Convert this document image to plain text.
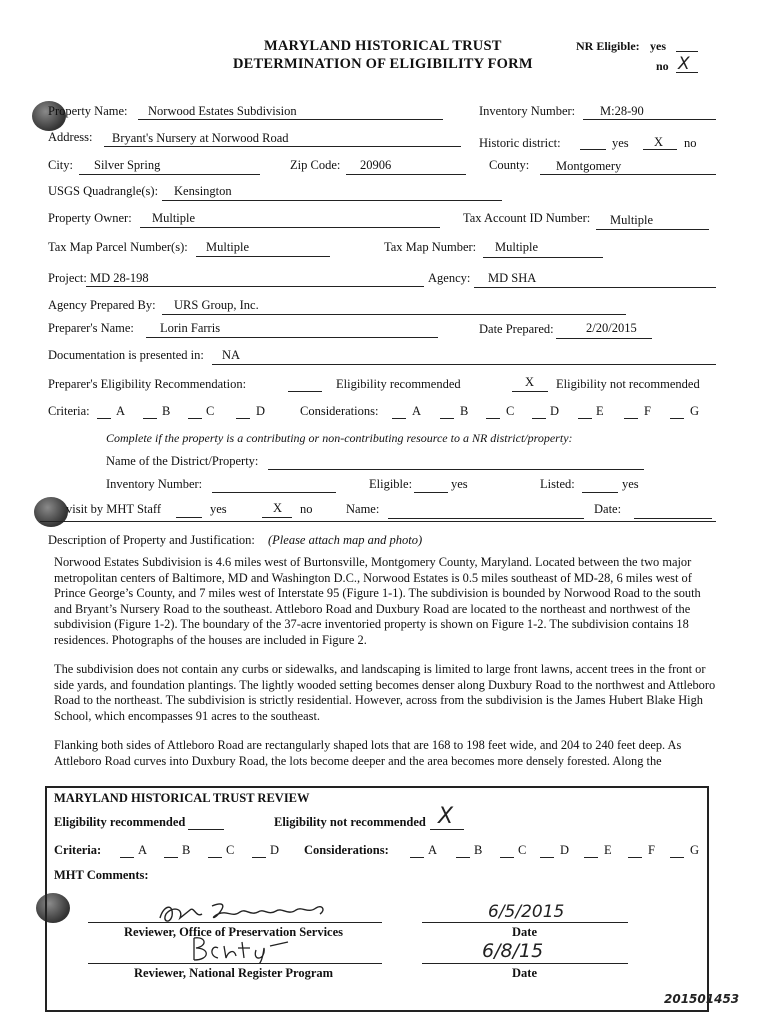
MARYLAND HISTORICAL TRUST
DETERMINATION OF ELIGIBILITY FORM
NR Eligible: yes
no X
Property Name: Norwood Estates Subdivision	Inventory Number: M:28-90
Address: Bryant's Nursery at Norwood Road	Historic district:	yes X no
City: Silver Spring	Zip Code: 20906	County: Montgomery
USGS Quadrangle(s): Kensington
Property Owner: Multiple	Tax Account ID Number: Multiple
Tax Map Parcel Number(s): Multiple	Tax Map Number: Multiple
Project: MD 28-198	Agency: MD SHA
Agency Prepared By: URS Group, Inc.
Preparer's Name: Lorin Farris	Date Prepared:	2/20/2015
Documentation is presented in: NA
Preparer's Eligibility Recommendation:	Eligibility recommended	X Eligibility not recommended
Criteria: A	B	C	D	Considerations:	A	B	C	D	E	F	G
Complete if the property is a contributing or non-contributing resource to a NR district/property:
Name of the District/Property:
Inventory Number:	Eligible:	yes	Listed:	yes
visit by MHT Staff	yes	X no	Name:	Date:
Description of Property and Justification: (Please attach map and photo)
Norwood Estates Subdivision is 4.6 miles west of Burtonsville, Montgomery County, Maryland. Located between the two major metropolitan centers of Baltimore, MD and Washington D.C., Norwood Estates is 0.5 miles southeast of MD-28, 6 miles west of Prince George’s County, and 7 miles west of Interstate 95 (Figure 1-1). The subdivision is bounded by Norwood Road to the south and Bryant’s Nursery Road to the southeast. Attleboro Road and Duxbury Road are located to the northeast and northwest of the subdivision (Figure 1-2). The boundary of the 37-acre inventoried property is shown on Figure 1-2. The subdivision contains 18 residences. Photographs of the houses are included in Figure 2.
The subdivision does not contain any curbs or sidewalks, and landscaping is limited to large front lawns, accent trees in the front or side yards, and foundation plantings. The lightly wooded setting becomes denser along Duxbury Road to the northwest and Attleboro Road to the northeast. The subdivision is strictly residential. However, across from the subdivision is the James Hubert Blake High School, which encompasses 91 acres to the southeast.
Flanking both sides of Attleboro Road are rectangularly shaped lots that are 168 to 198 feet wide, and 204 to 240 feet deep. As Attleboro Road curves into Duxbury Road, the lots become deeper and the area becomes more densely forested. Along the
MARYLAND HISTORICAL TRUST REVIEW
Eligibility recommended	Eligibility not recommended X
Criteria:	A	B	C	D Considerations:	A	B	C	D	E	F	G
MHT Comments:
Reviewer, Office of Preservation Services
6/5/2015
Date
Reviewer, National Register Program
6/8/15
Date
201501453
